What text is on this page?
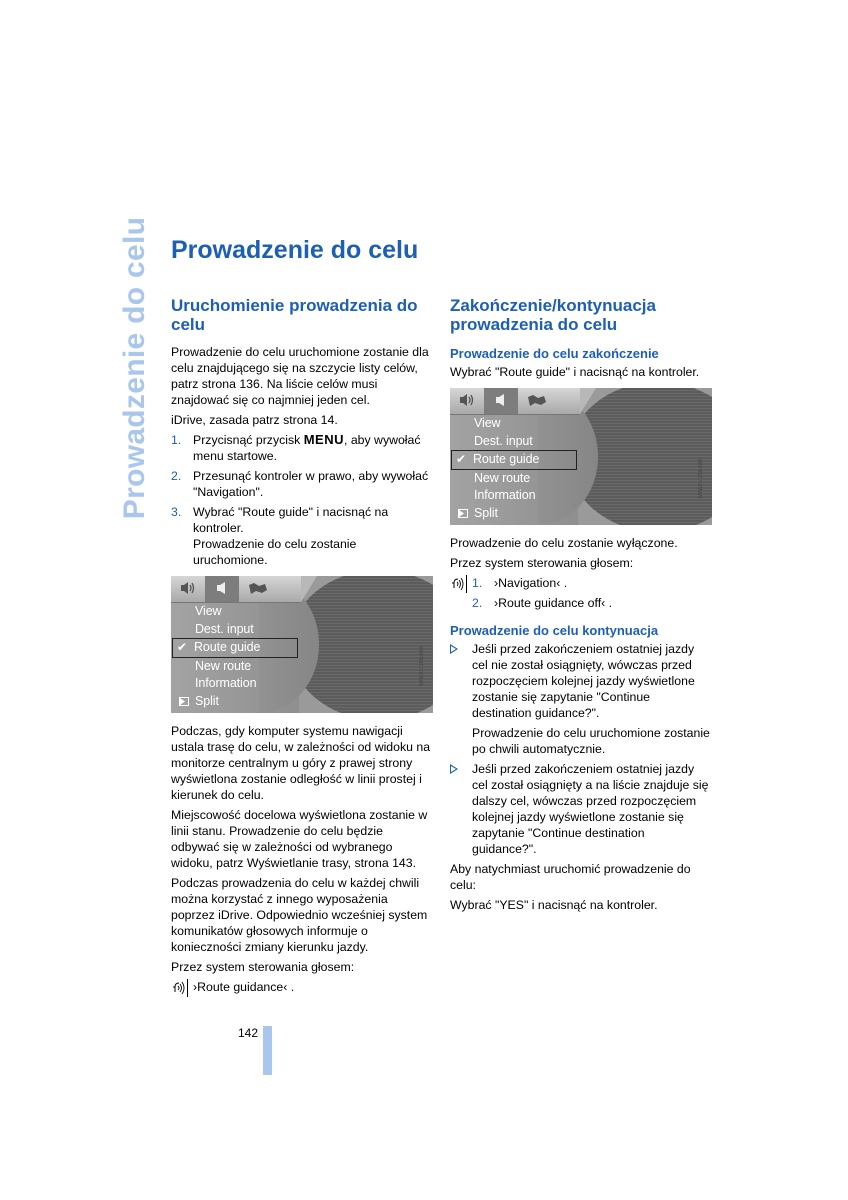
Prowadzenie do celu Prowadzenie do celu
Uruchomienie prowadzenia do celu

Prowadzenie do celu uruchomione zostanie dla celu znajdującego się na szczycie listy celów, patrz strona 136. Na liście celów musi znajdować się co najmniej jeden cel.

iDrive, zasada patrz strona 14.

1. Przycisnąć przycisk MENU, aby wywołać menu startowe.
2. Przesunąć kontroler w prawo, aby wywołać "Navigation".
3. Wybrać "Route guide" i nacisnąć na kontroler.
Prowadzenie do celu zostanie uruchomione.
View
Dest. input
✔ Route guide
New route
Information
Split
MN0071NEMA

Podczas, gdy komputer systemu nawigacji ustala trasę do celu, w zależności od widoku na monitorze centralnym u góry z prawej strony wyświetlona zostanie odległość w linii prostej i kierunek do celu.

Miejscowość docelowa wyświetlona zostanie w linii stanu. Prowadzenie do celu będzie odbywać się w zależności od wybranego widoku, patrz Wyświetlanie trasy, strona 143.

Podczas prowadzenia do celu w każdej chwili można korzystać z innego wyposażenia poprzez iDrive. Odpowiednio wcześniej system komunikatów głosowych informuje o konieczności zmiany kierunku jazdy.

Przez system sterowania głosem:

›Route guidance‹ .
Zakończenie/kontynuacja prowadzenia do celu
Prowadzenie do celu zakończenie

Wybrać "Route guide" i nacisnąć na kontroler.

View
Dest. input
✔ Route guide
New route
Information
Split
MN0071NEMA

Prowadzenie do celu zostanie wyłączone.

Przez system sterowania głosem:

1. ›Navigation‹ .
2. ›Route guidance off‹ .
Prowadzenie do celu kontynuacja
Jeśli przed zakończeniem ostatniej jazdy cel nie został osiągnięty, wówczas przed rozpoczęciem kolejnej jazdy wyświetlone zostanie się zapytanie "Continue destination guidance?".
Prowadzenie do celu uruchomione zostanie po chwili automatycznie.
Jeśli przed zakończeniem ostatniej jazdy cel został osiągnięty a na liście znajduje się dalszy cel, wówczas przed rozpoczęciem kolejnej jazdy wyświetlone zostanie się zapytanie "Continue destination guidance?".

Aby natychmiast uruchomić prowadzenie do celu:

Wybrać "YES" i nacisnąć na kontroler.

142
